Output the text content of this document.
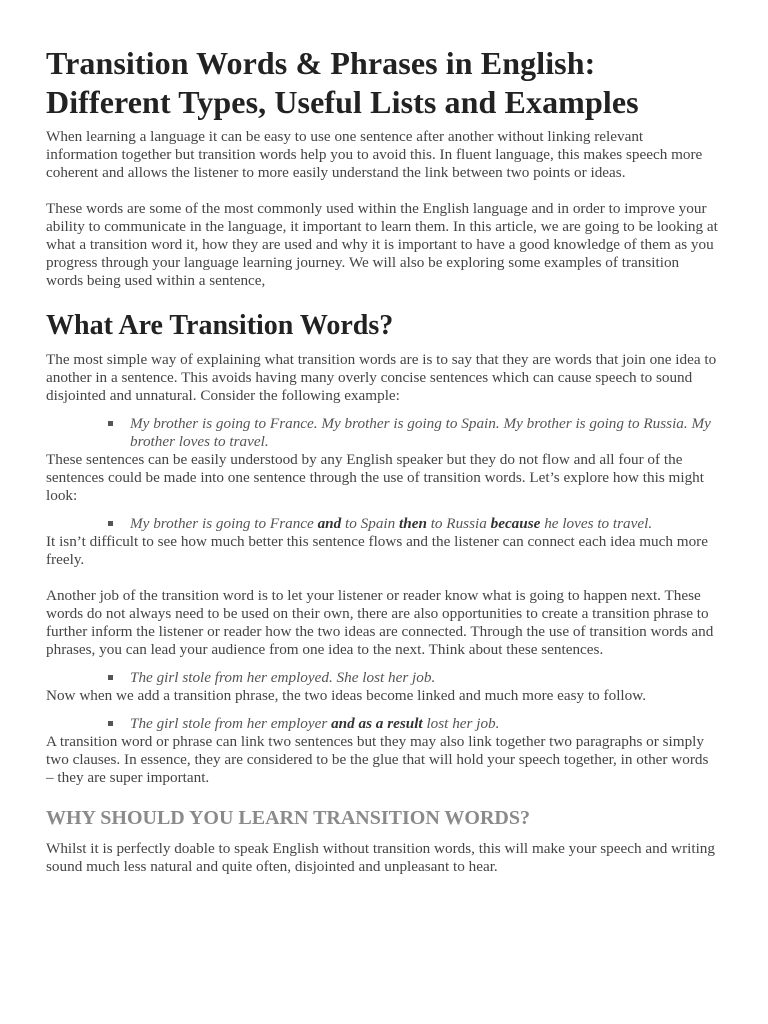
Transition Words & Phrases in English: Different Types, Useful Lists and Examples

When learning a language it can be easy to use one sentence after another without linking relevant information together but transition words help you to avoid this. In fluent language, this makes speech more coherent and allows the listener to more easily understand the link between two points or ideas.

These words are some of the most commonly used within the English language and in order to improve your ability to communicate in the language, it important to learn them. In this article, we are going to be looking at what a transition word it, how they are used and why it is important to have a good knowledge of them as you progress through your language learning journey. We will also be exploring some examples of transition words being used within a sentence,

What Are Transition Words?

The most simple way of explaining what transition words are is to say that they are words that join one idea to another in a sentence. This avoids having many overly concise sentences which can cause speech to sound disjointed and unnatural. Consider the following example:

My brother is going to France. My brother is going to Spain. My brother is going to Russia. My brother loves to travel.

These sentences can be easily understood by any English speaker but they do not flow and all four of the sentences could be made into one sentence through the use of transition words. Let’s explore how this might look:

My brother is going to France and to Spain then to Russia because he loves to travel.

It isn’t difficult to see how much better this sentence flows and the listener can connect each idea much more freely.

Another job of the transition word is to let your listener or reader know what is going to happen next. These words do not always need to be used on their own, there are also opportunities to create a transition phrase to further inform the listener or reader how the two ideas are connected. Through the use of transition words and phrases, you can lead your audience from one idea to the next. Think about these sentences.

The girl stole from her employed. She lost her job.

Now when we add a transition phrase, the two ideas become linked and much more easy to follow.

The girl stole from her employer and as a result lost her job.

A transition word or phrase can link two sentences but they may also link together two paragraphs or simply two clauses. In essence, they are considered to be the glue that will hold your speech together, in other words – they are super important.

WHY SHOULD YOU LEARN TRANSITION WORDS?

Whilst it is perfectly doable to speak English without transition words, this will make your speech and writing sound much less natural and quite often, disjointed and unpleasant to hear.
